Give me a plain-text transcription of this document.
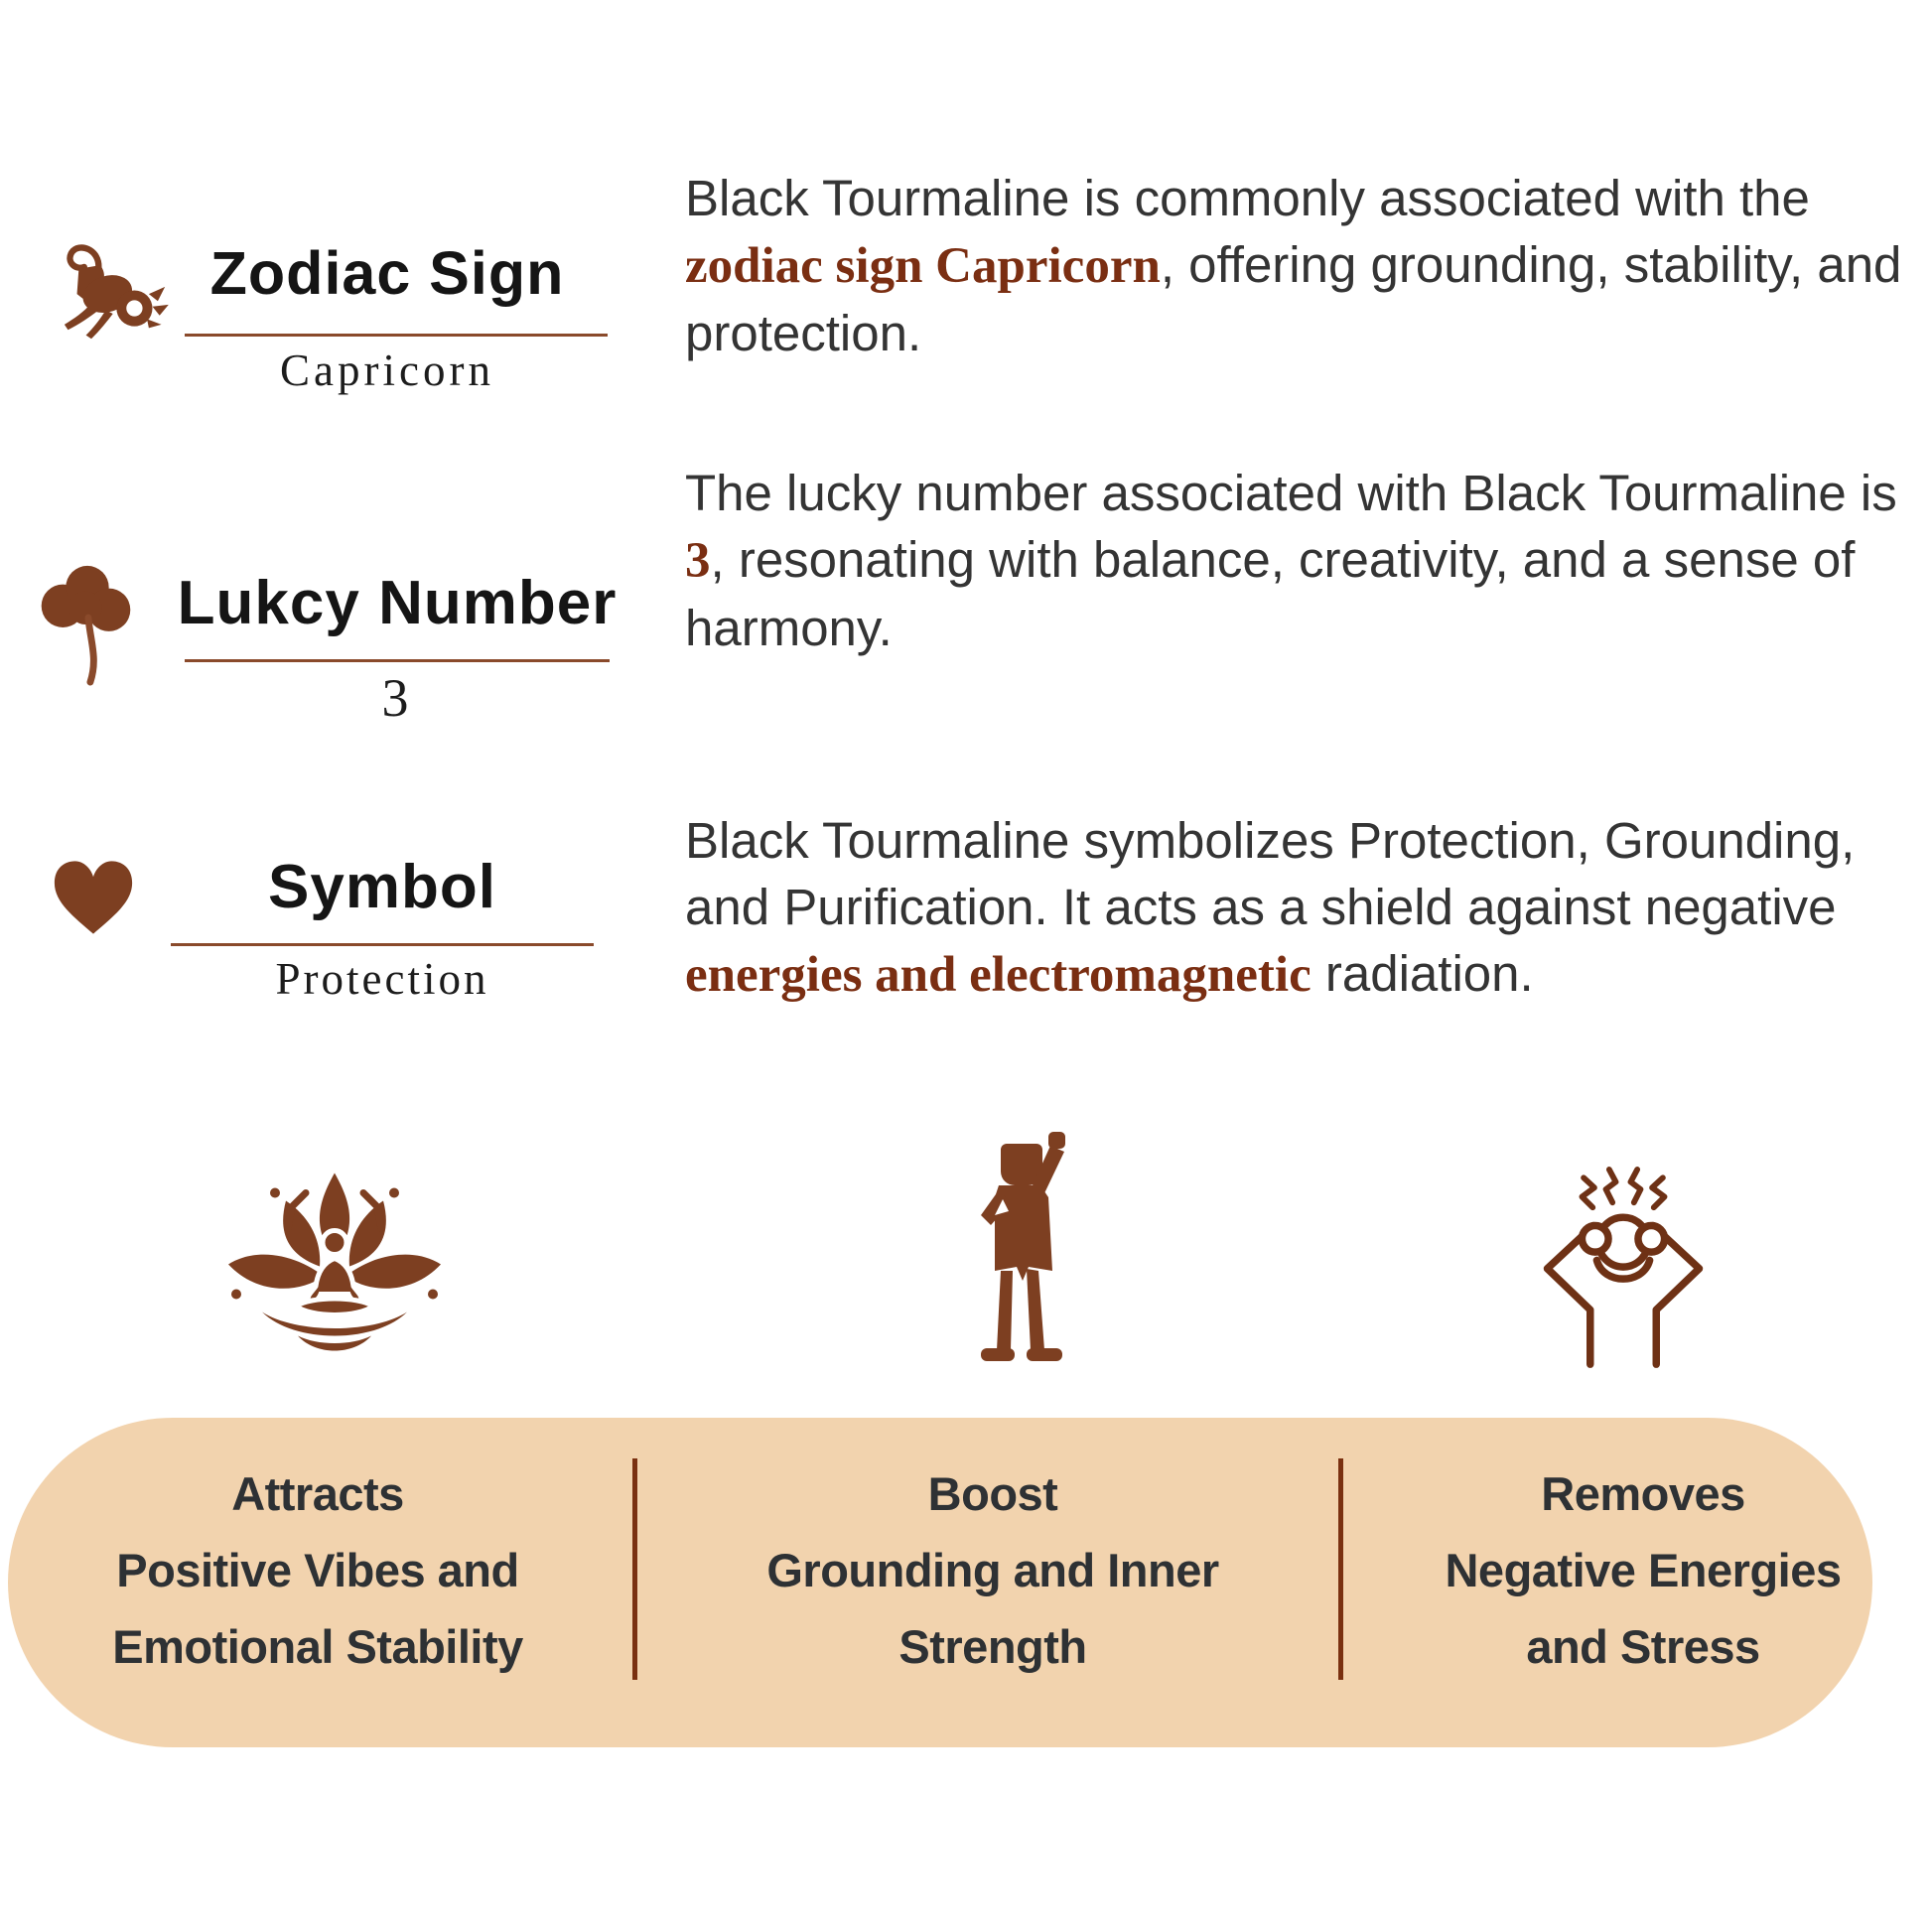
Zodiac Sign
Capricorn
Lukcy Number
3
Symbol
Protection
Black Tourmaline is commonly associated with the zodiac sign Capricorn, offering grounding, stability, and protection.
The lucky number associated with Black Tourmaline is 3, resonating with balance, creativity, and a sense of harmony.
Black Tourmaline symbolizes Protection, Grounding, and Purification. It acts as a shield against negative energies and electromagnetic radiation.
Attracts
Positive Vibes and
Emotional Stability
Boost
Grounding and Inner
Strength
Removes
Negative Energies
and Stress
